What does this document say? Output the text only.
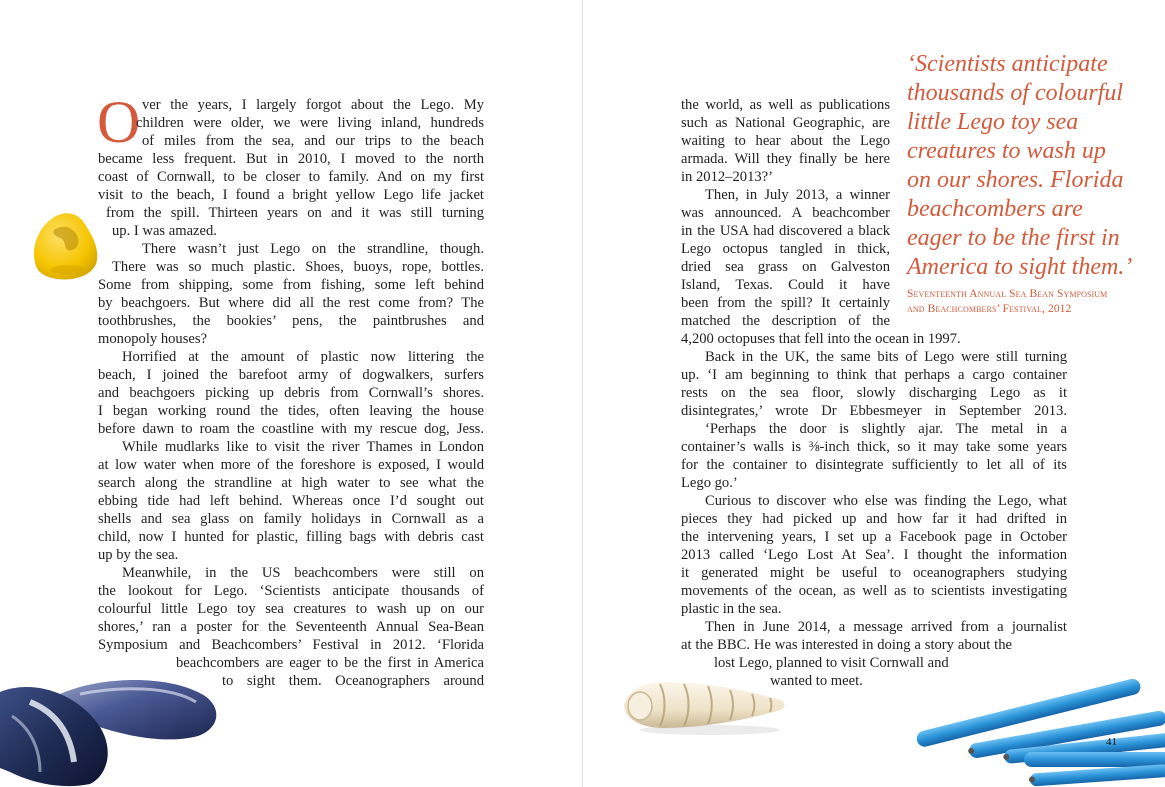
O ver the years, I largely forgot about the Lego. My
children were older, we were living inland, hundreds
of miles from the sea, and our trips to the beach
became less frequent. But in 2010, I moved to the north
coast of Cornwall, to be closer to family. And on my first
visit to the beach, I found a bright yellow Lego life jacket
from the spill. Thirteen years on and it was still turning
up. I was amazed.
There wasn’t just Lego on the strandline, though.
There was so much plastic. Shoes, buoys, rope, bottles.
Some from shipping, some from fishing, some left behind
by beachgoers. But where did all the rest come from? The
toothbrushes, the bookies’ pens, the paintbrushes and
monopoly houses?
Horrified at the amount of plastic now littering the
beach, I joined the barefoot army of dogwalkers, surfers
and beachgoers picking up debris from Cornwall’s shores.
I began working round the tides, often leaving the house
before dawn to roam the coastline with my rescue dog, Jess.
While mudlarks like to visit the river Thames in London
at low water when more of the foreshore is exposed, I would
search along the strandline at high water to see what the
ebbing tide had left behind. Whereas once I’d sought out
shells and sea glass on family holidays in Cornwall as a
child, now I hunted for plastic, filling bags with debris cast
up by the sea.
Meanwhile, in the US beachcombers were still on
the lookout for Lego. ‘Scientists anticipate thousands of
colourful little Lego toy sea creatures to wash up on our
shores,’ ran a poster for the Seventeenth Annual Sea-Bean
Symposium and Beachcombers’ Festival in 2012. ‘Florida
beachcombers are eager to be the first in America
to sight them. Oceanographers around
the world, as well as publications
such as National Geographic, are
waiting to hear about the Lego
armada. Will they finally be here
in 2012–2013?’
Then, in July 2013, a winner
was announced. A beachcomber
in the USA had discovered a black
Lego octopus tangled in thick,
dried sea grass on Galveston
Island, Texas. Could it have
been from the spill? It certainly
matched the description of the
4,200 octopuses that fell into the ocean in 1997.
Back in the UK, the same bits of Lego were still turning
up. ‘I am beginning to think that perhaps a cargo container
rests on the sea floor, slowly discharging Lego as it
disintegrates,’ wrote Dr Ebbesmeyer in September 2013.
‘Perhaps the door is slightly ajar. The metal in a
container’s walls is ⅜-inch thick, so it may take some years
for the container to disintegrate sufficiently to let all of its
Lego go.’
Curious to discover who else was finding the Lego, what
pieces they had picked up and how far it had drifted in
the intervening years, I set up a Facebook page in October
2013 called ‘Lego Lost At Sea’. I thought the information
it generated might be useful to oceanographers studying
movements of the ocean, as well as to scientists investigating
plastic in the sea.
Then in June 2014, a message arrived from a journalist
at the BBC. He was interested in doing a story about the
lost Lego, planned to visit Cornwall and
wanted to meet.
‘Scientists anticipate
thousands of colourful
little Lego toy sea
creatures to wash up
on our shores. Florida
beachcombers are
eager to be the first in
America to sight them.’
Seventeenth Annual Sea Bean Symposium
and Beachcombers’ Festival, 2012
41
